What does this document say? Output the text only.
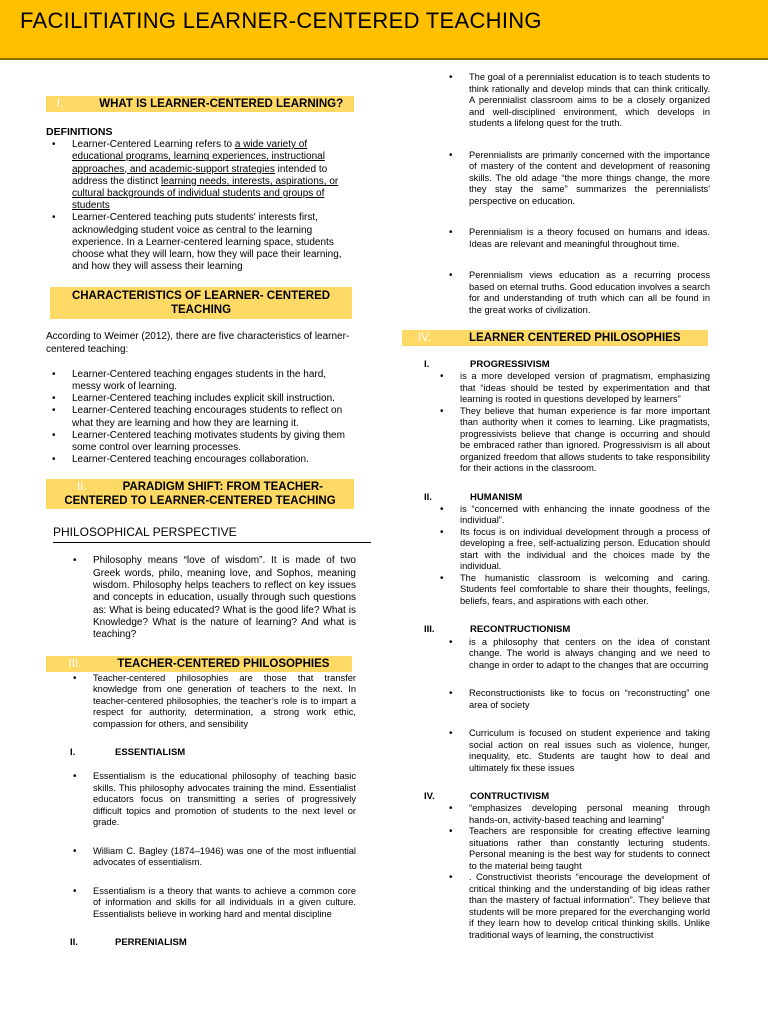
FACILITIATING LEARNER-CENTERED TEACHING
I.	WHAT IS LEARNER-CENTERED LEARNING?

DEFINITIONS

• Learner-Centered Learning refers to a wide variety of educational programs, learning experiences, instructional approaches, and academic-support strategies intended to address the distinct learning needs, interests, aspirations, or cultural backgrounds of individual students and groups of students
• Learner-Centered teaching puts students' interests first, acknowledging student voice as central to the learning experience. In a Learner-centered learning space, students choose what they will learn, how they will pace their learning, and how they will assess their learning
CHARACTERISTICS OF LEARNER- CENTERED TEACHING

According to Weimer (2012), there are five characteristics of learner- centered teaching:

• Learner-Centered teaching engages students in the hard, messy work of learning.
• Learner-Centered teaching includes explicit skill instruction.
• Learner-Centered teaching encourages students to reflect on what they are learning and how they are learning it.
• Learner-Centered teaching motivates students by giving them some control over learning processes.
• Learner-Centered teaching encourages collaboration.
II.	PARADIGM SHIFT: FROM TEACHER-CENTERED TO LEARNER-CENTERED TEACHING
PHILOSOPHICAL PERSPECTIVE
• Philosophy means “love of wisdom”. It is made of two Greek words, philo, meaning love, and Sophos, meaning wisdom. Philosophy helps teachers to reflect on key issues and concepts in education, usually through such questions as: What is being educated? What is the good life? What is Knowledge? What is the nature of learning? And what is teaching?
III.	TEACHER-CENTERED PHILOSOPHIES
• Teacher-centered philosophies are those that transfer knowledge from one generation of teachers to the next. In teacher-centered philosophies, the teacher’s role is to impart a respect for authority, determination, a strong work ethic, compassion for others, and sensibility

I.	ESSENTIALISM

• Essentialism is the educational philosophy of teaching basic skills. This philosophy advocates training the mind. Essentialist educators focus on transmitting a series of progressively difficult topics and promotion of students to the next level or grade.
• William C. Bagley (1874–1946) was one of the most influential advocates of essentialism.
• Essentialism is a theory that wants to achieve a common core of information and skills for all individuals in a given culture. Essentialists believe in working hard and mental discipline

II.	PERRENIALISM

• The goal of a perennialist education is to teach students to think rationally and develop minds that can think critically. A perennialist classroom aims to be a closely organized and well-disciplined environment, which develops in students a lifelong quest for the truth.
• Perennialists are primarily concerned with the importance of mastery of the content and development of reasoning skills. The old adage “the more things change, the more they stay the same” summarizes the perennialists' perspective on education.
• Perennialism is a theory focused on humans and ideas. Ideas are relevant and meaningful throughout time.
• Perennialism views education as a recurring process based on eternal truths. Good education involves a search for and understanding of truth which can all be found in the great works of civilization.
IV.	LEARNER CENTERED PHILOSOPHIES

I.	PROGRESSIVISM

• is a more developed version of pragmatism, emphasizing that “ideas should be tested by experimentation and that learning is rooted in questions developed by learners”
• They believe that human experience is far more important than authority when it comes to learning. Like pragmatists, progressivists believe that change is occurring and should be embraced rather than ignored. Progressivism is all about organized freedom that allows students to take responsibility for their actions in the classroom.

II.	HUMANISM

• is “concerned with enhancing the innate goodness of the individual”.
• Its focus is on individual development through a process of developing a free, self-actualizing person. Education should start with the individual and the choices made by the individual.
• The humanistic classroom is welcoming and caring. Students feel comfortable to share their thoughts, feelings, beliefs, fears, and aspirations with each other.

III.	RECONTRUCTIONISM

• is a philosophy that centers on the idea of constant change. The world is always changing and we need to change in order to adapt to the changes that are occurring
• Reconstructionists like to focus on “reconstructing” one area of society
• Curriculum is focused on student experience and taking social action on real issues such as violence, hunger, inequality, etc. Students are taught how to deal and ultimately fix these issues

IV.	CONTRUCTIVISM

• “emphasizes developing personal meaning through hands-on, activity-based teaching and learning”
• Teachers are responsible for creating effective learning situations rather than constantly lecturing students. Personal meaning is the best way for students to connect to the material being taught
• . Constructivist theorists “encourage the development of critical thinking and the understanding of big ideas rather than the mastery of factual information”. They believe that students will be more prepared for the everchanging world if they learn how to develop critical thinking skills. Unlike traditional ways of learning, the constructivist
